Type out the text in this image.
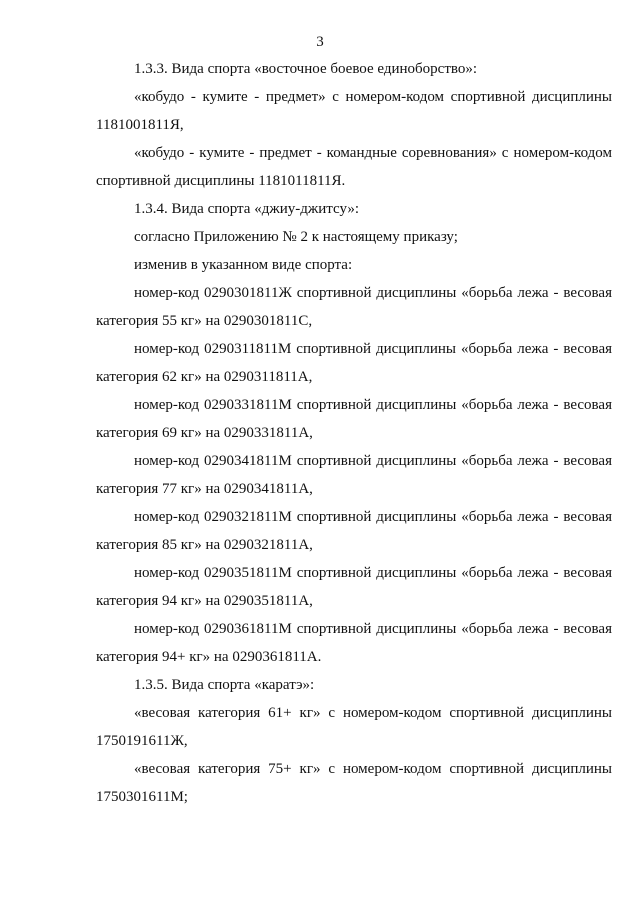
3

1.3.3. Вида спорта «восточное боевое единоборство»:

«кобудо - кумите - предмет» с номером-кодом спортивной дисциплины 1181001811Я,

«кобудо - кумите - предмет - командные соревнования» с номером-кодом спортивной дисциплины 1181011811Я.

1.3.4. Вида спорта «джиу-джитсу»:

согласно Приложению № 2 к настоящему приказу;

изменив в указанном виде спорта:

номер-код 0290301811Ж спортивной дисциплины «борьба лежа - весовая категория 55 кг» на 0290301811С,

номер-код 0290311811М спортивной дисциплины «борьба лежа - весовая категория 62 кг» на 0290311811А,

номер-код 0290331811М спортивной дисциплины «борьба лежа - весовая категория 69 кг» на 0290331811А,

номер-код 0290341811М спортивной дисциплины «борьба лежа - весовая категория 77 кг» на 0290341811А,

номер-код 0290321811М спортивной дисциплины «борьба лежа - весовая категория 85 кг» на 0290321811А,

номер-код 0290351811М спортивной дисциплины «борьба лежа - весовая категория 94 кг» на 0290351811А,

номер-код 0290361811М спортивной дисциплины «борьба лежа - весовая категория 94+ кг» на 0290361811А.

1.3.5. Вида спорта «каратэ»:

«весовая категория 61+ кг» с номером-кодом спортивной дисциплины 1750191611Ж,

«весовая категория 75+ кг» с номером-кодом спортивной дисциплины 1750301611М;
